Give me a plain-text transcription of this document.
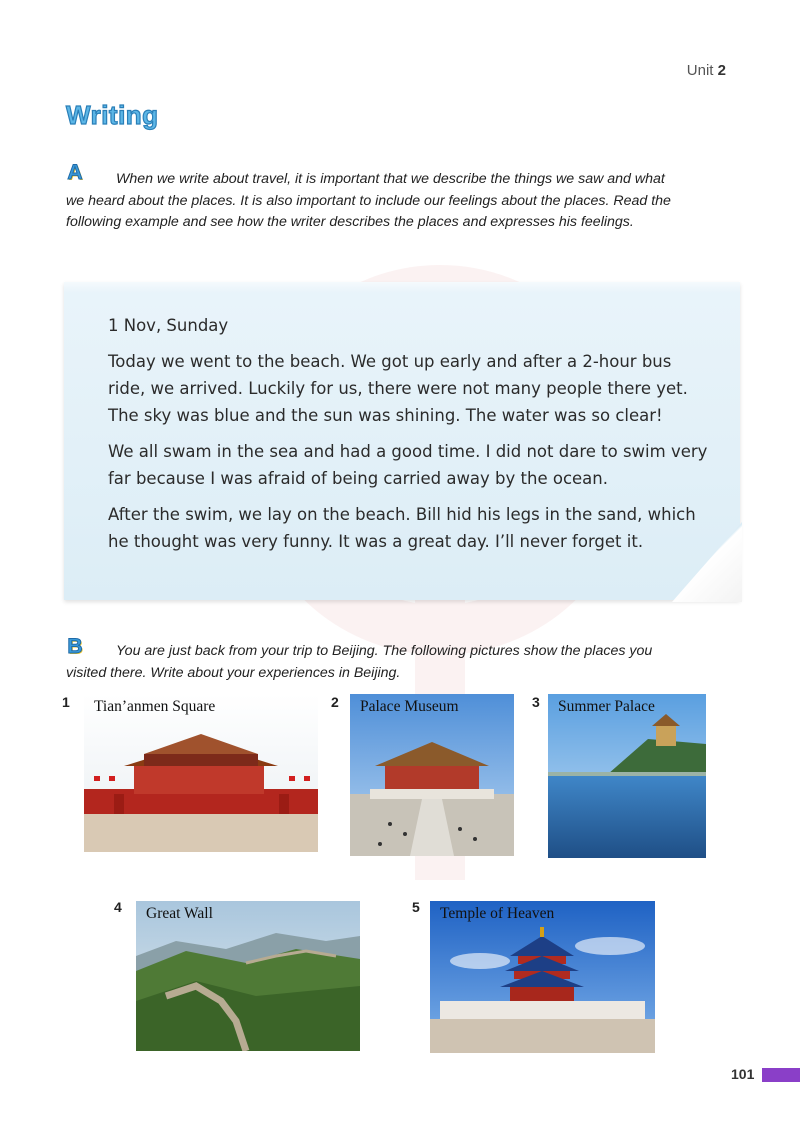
Unit 2
Writing
A	When we write about travel, it is important that we describe the things we saw and what we heard about the places. It is also important to include our feelings about the places. Read the following example and see how the writer describes the places and expresses his feelings.

1 Nov, Sunday

Today we went to the beach. We got up early and after a 2-hour bus ride, we arrived. Luckily for us, there were not many people there yet. The sky was blue and the sun was shining. The water was so clear!

We all swam in the sea and had a good time. I did not dare to swim very far because I was afraid of being carried away by the ocean.

After the swim, we lay on the beach. Bill hid his legs in the sand, which he thought was very funny. It was a great day. I’ll never forget it.

B	You are just back from your trip to Beijing. The following pictures show the places you visited there. Write about your experiences in Beijing.
1 Tian’anmen Square	2 Palace Museum	3 Summer Palace
4 Great Wall	5 Temple of Heaven
101
